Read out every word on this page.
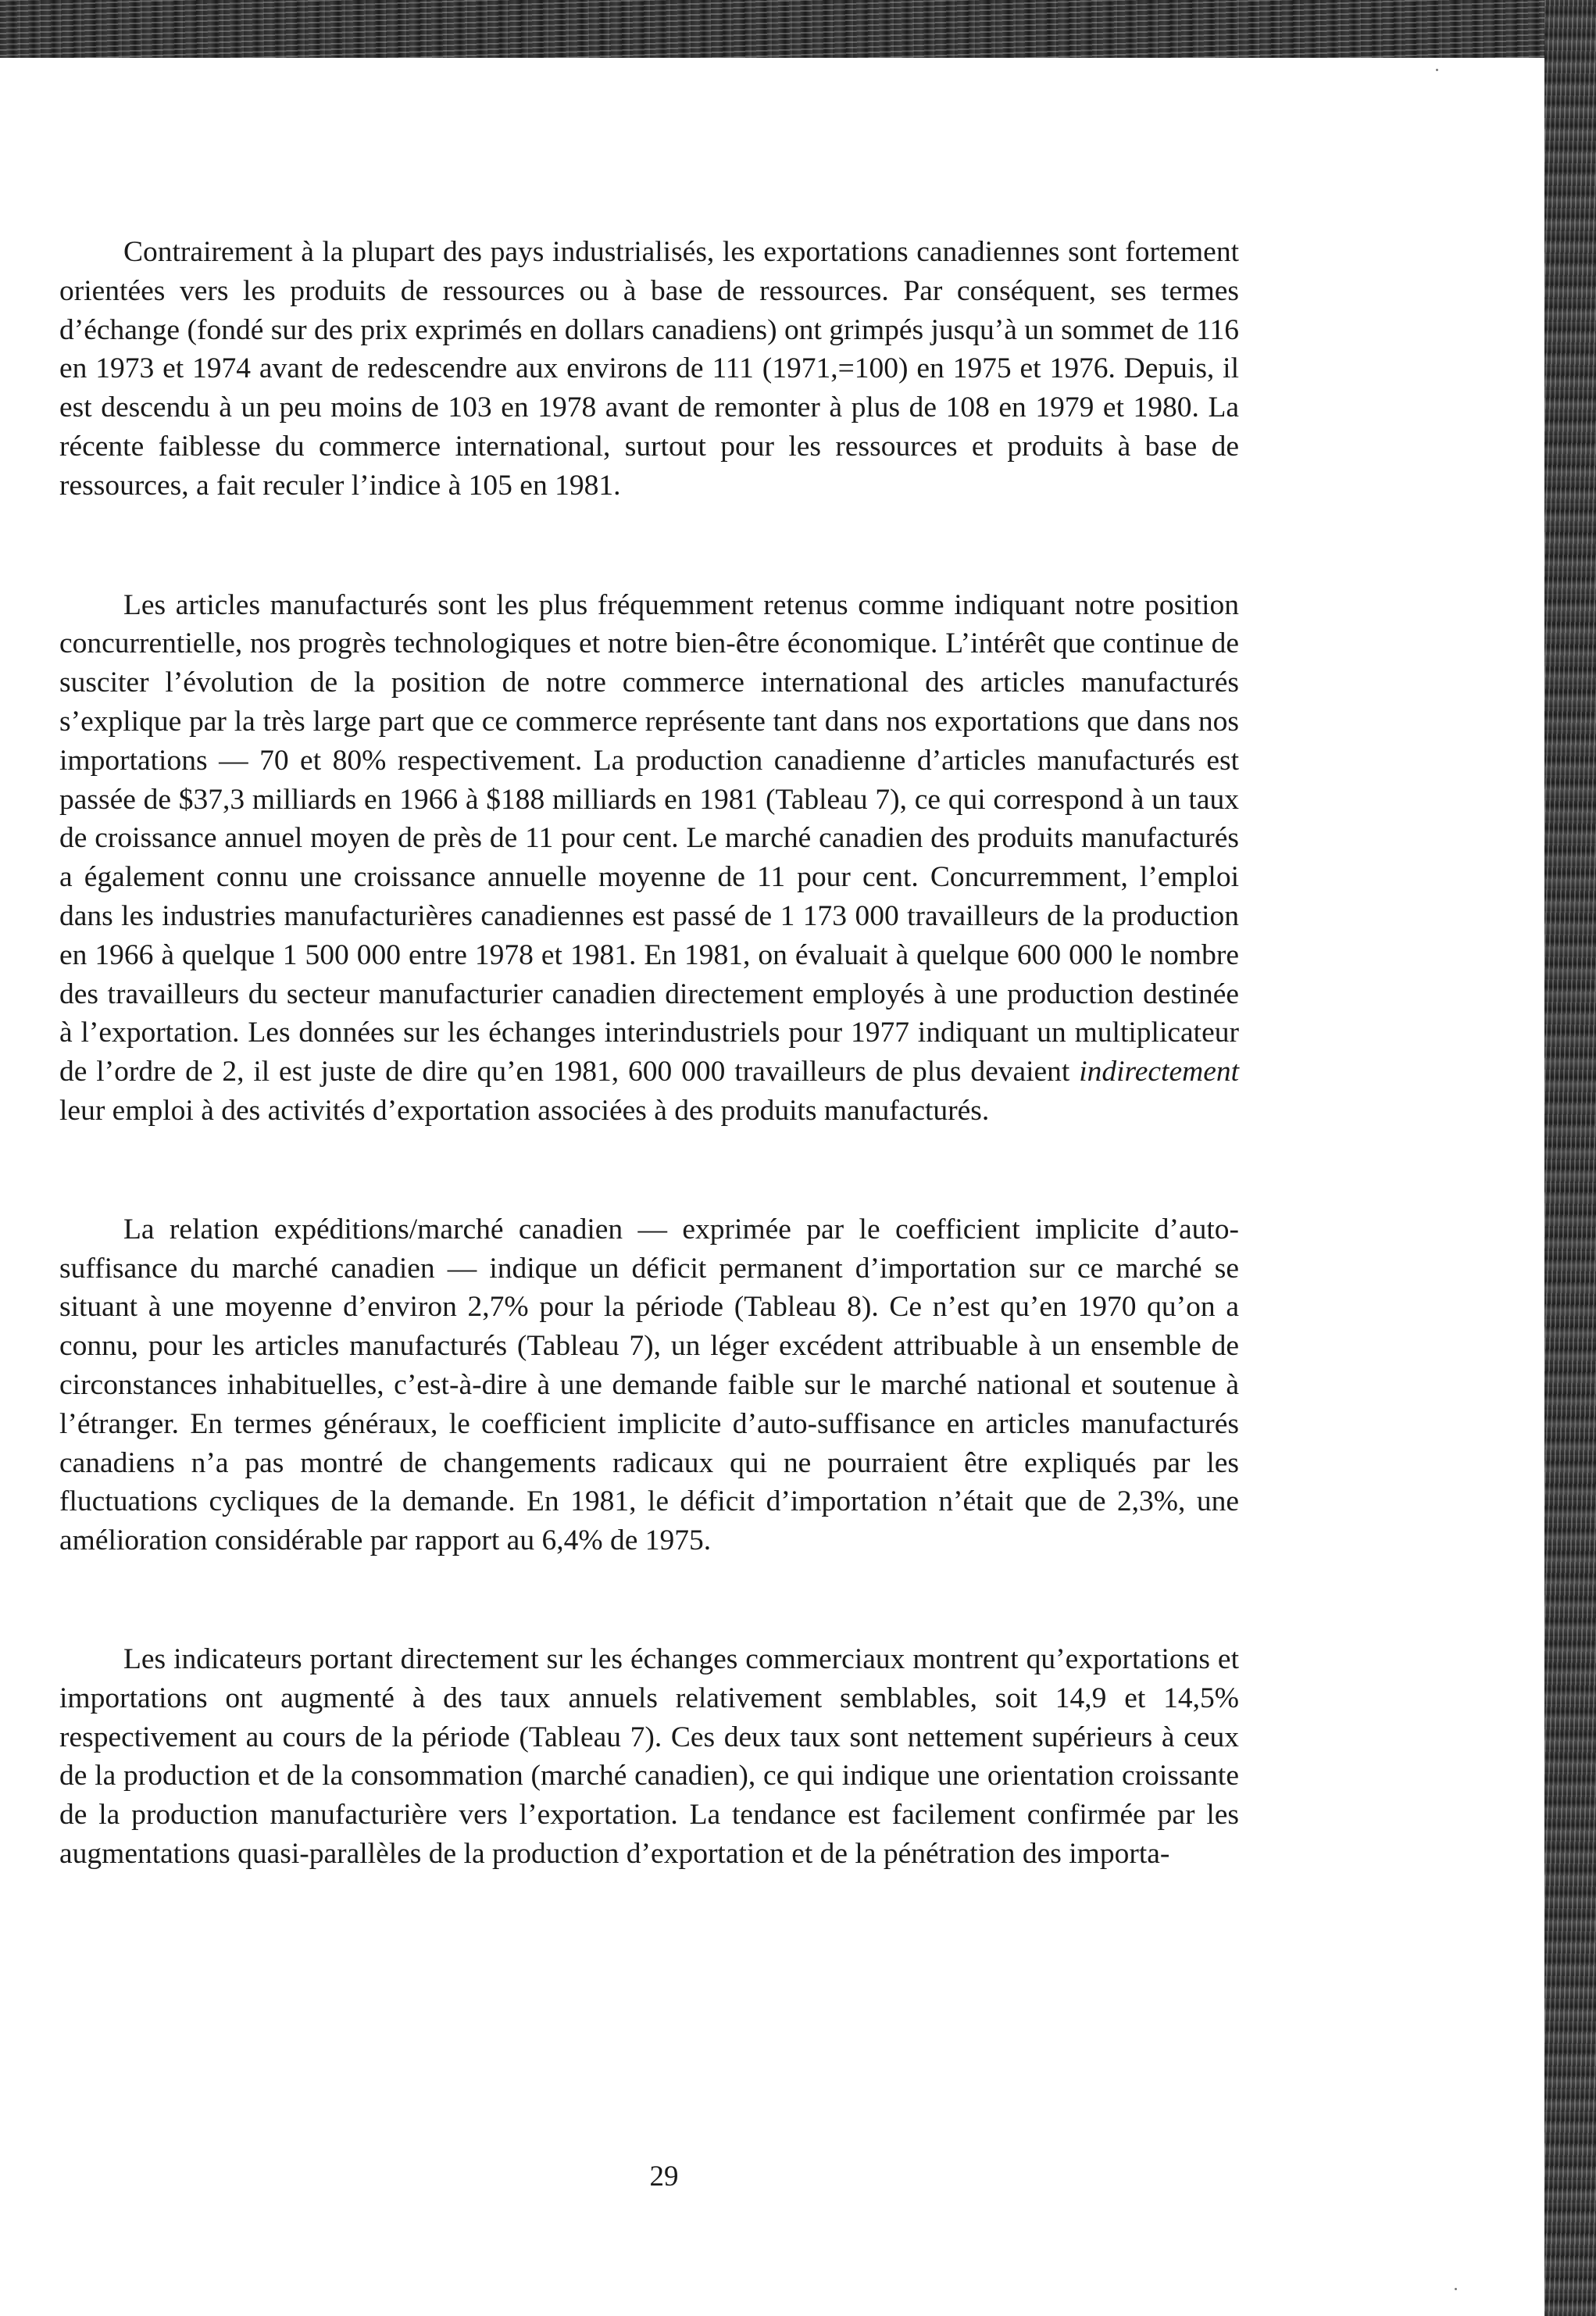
Contrairement à la plupart des pays industrialisés, les exportations canadiennes sont fortement orientées vers les produits de ressources ou à base de ressources. Par conséquent, ses termes d’échange (fondé sur des prix exprimés en dollars canadiens) ont grimpés jusqu’à un sommet de 116 en 1973 et 1974 avant de redescendre aux environs de 111 (1971,=100) en 1975 et 1976. Depuis, il est descendu à un peu moins de 103 en 1978 avant de remonter à plus de 108 en 1979 et 1980. La récente faiblesse du commerce international, surtout pour les ressources et produits à base de ressources, a fait reculer l’indice à 105 en 1981.

Les articles manufacturés sont les plus fréquemment retenus comme indiquant notre position concurrentielle, nos progrès technologiques et notre bien-être économique. L’intérêt que continue de susciter l’évolution de la position de notre commerce international des articles manufacturés s’explique par la très large part que ce commerce représente tant dans nos exportations que dans nos importations — 70 et 80% respectivement. La production canadienne d’articles manufacturés est passée de $37,3 milliards en 1966 à $188 milliards en 1981 (Tableau 7), ce qui correspond à un taux de croissance annuel moyen de près de 11 pour cent. Le marché canadien des produits manufacturés a également connu une croissance annuelle moyenne de 11 pour cent. Concurremment, l’emploi dans les industries manufacturières canadiennes est passé de 1 173 000 travailleurs de la production en 1966 à quelque 1 500 000 entre 1978 et 1981. En 1981, on évaluait à quelque 600 000 le nombre des travailleurs du secteur manufacturier canadien directement employés à une production destinée à l’exportation. Les données sur les échanges interindustriels pour 1977 indiquant un multiplicateur de l’ordre de 2, il est juste de dire qu’en 1981, 600 000 travailleurs de plus devaient indirectement leur emploi à des activités d’exportation associées à des produits manufacturés.

La relation expéditions/marché canadien — exprimée par le coefficient implicite d’auto-suffisance du marché canadien — indique un déficit permanent d’importation sur ce marché se situant à une moyenne d’environ 2,7% pour la période (Tableau 8). Ce n’est qu’en 1970 qu’on a connu, pour les articles manufacturés (Tableau 7), un léger excédent attribuable à un ensemble de circonstances inhabituelles, c’est-à-dire à une demande faible sur le marché national et soutenue à l’étranger. En termes généraux, le coefficient implicite d’auto-suffisance en articles manufacturés canadiens n’a pas montré de changements radicaux qui ne pourraient être expliqués par les fluctuations cycliques de la demande. En 1981, le déficit d’importation n’était que de 2,3%, une amélioration considérable par rapport au 6,4% de 1975.

Les indicateurs portant directement sur les échanges commerciaux montrent qu’exportations et importations ont augmenté à des taux annuels relativement semblables, soit 14,9 et 14,5% respectivement au cours de la période (Tableau 7). Ces deux taux sont nettement supérieurs à ceux de la production et de la consommation (marché canadien), ce qui indique une orientation croissante de la production manufacturière vers l’exportation. La tendance est facilement confirmée par les augmentations quasi-parallèles de la production d’exportation et de la pénétration des importa-

29
